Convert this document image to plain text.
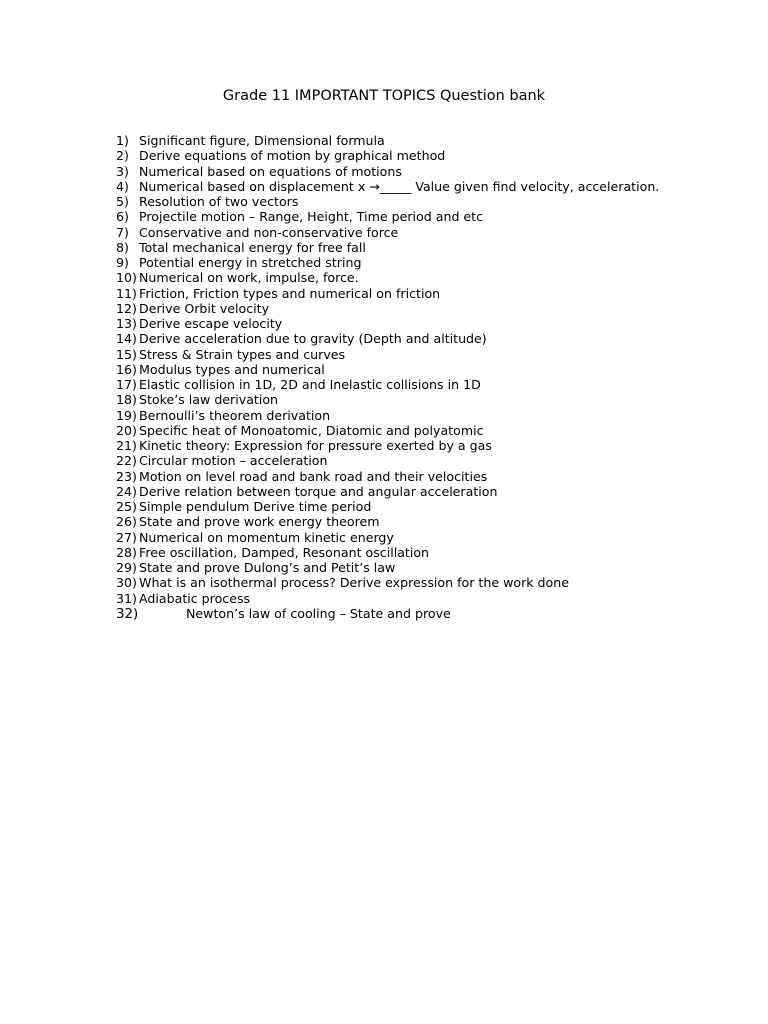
Grade 11 IMPORTANT TOPICS Question bank
1) Significant figure, Dimensional formula
2) Derive equations of motion by graphical method
3) Numerical based on equations of motions
4) Numerical based on displacement x →_____ Value given find velocity, acceleration.
5) Resolution of two vectors
6) Projectile motion – Range, Height, Time period and etc
7) Conservative and non-conservative force
8) Total mechanical energy for free fall
9) Potential energy in stretched string
10) Numerical on work, impulse, force.
11) Friction, Friction types and numerical on friction
12) Derive Orbit velocity
13) Derive escape velocity
14) Derive acceleration due to gravity (Depth and altitude)
15) Stress & Strain types and curves
16) Modulus types and numerical
17) Elastic collision in 1D, 2D and Inelastic collisions in 1D
18) Stoke’s law derivation
19) Bernoulli’s theorem derivation
20) Specific heat of Monoatomic, Diatomic and polyatomic
21) Kinetic theory: Expression for pressure exerted by a gas
22) Circular motion – acceleration
23) Motion on level road and bank road and their velocities
24) Derive relation between torque and angular acceleration
25) Simple pendulum Derive time period
26) State and prove work energy theorem
27) Numerical on momentum kinetic energy
28) Free oscillation, Damped, Resonant oscillation
29) State and prove Dulong’s and Petit’s law
30) What is an isothermal process? Derive expression for the work done
31) Adiabatic process
32)	Newton’s law of cooling – State and prove
